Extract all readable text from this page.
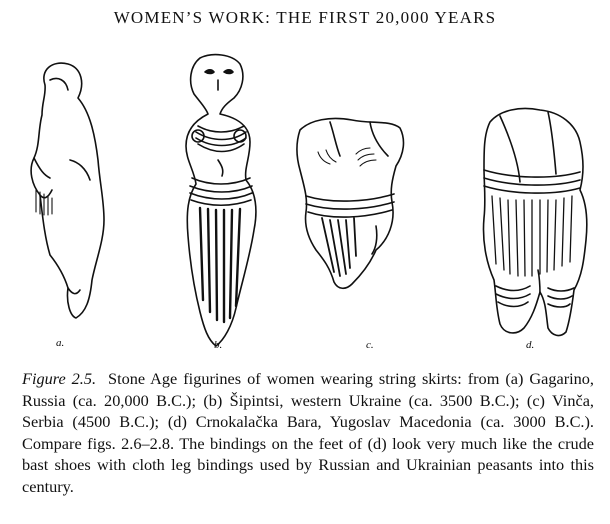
WOMEN’S WORK: THE FIRST 20,000 YEARS
a.	b.	c.	d.
Figure 2.5. Stone Age figurines of women wearing string skirts: from (a) Gagarino, Russia (ca. 20,000 B.C.); (b) Šipintsi, western Ukraine (ca. 3500 B.C.); (c) Vinča, Serbia (4500 B.C.); (d) Crnokalačka Bara, Yugoslav Macedonia (ca. 3000 B.C.). Compare figs. 2.6–2.8. The bindings on the feet of (d) look very much like the crude bast shoes with cloth leg bindings used by Russian and Ukrainian peasants into this century.
